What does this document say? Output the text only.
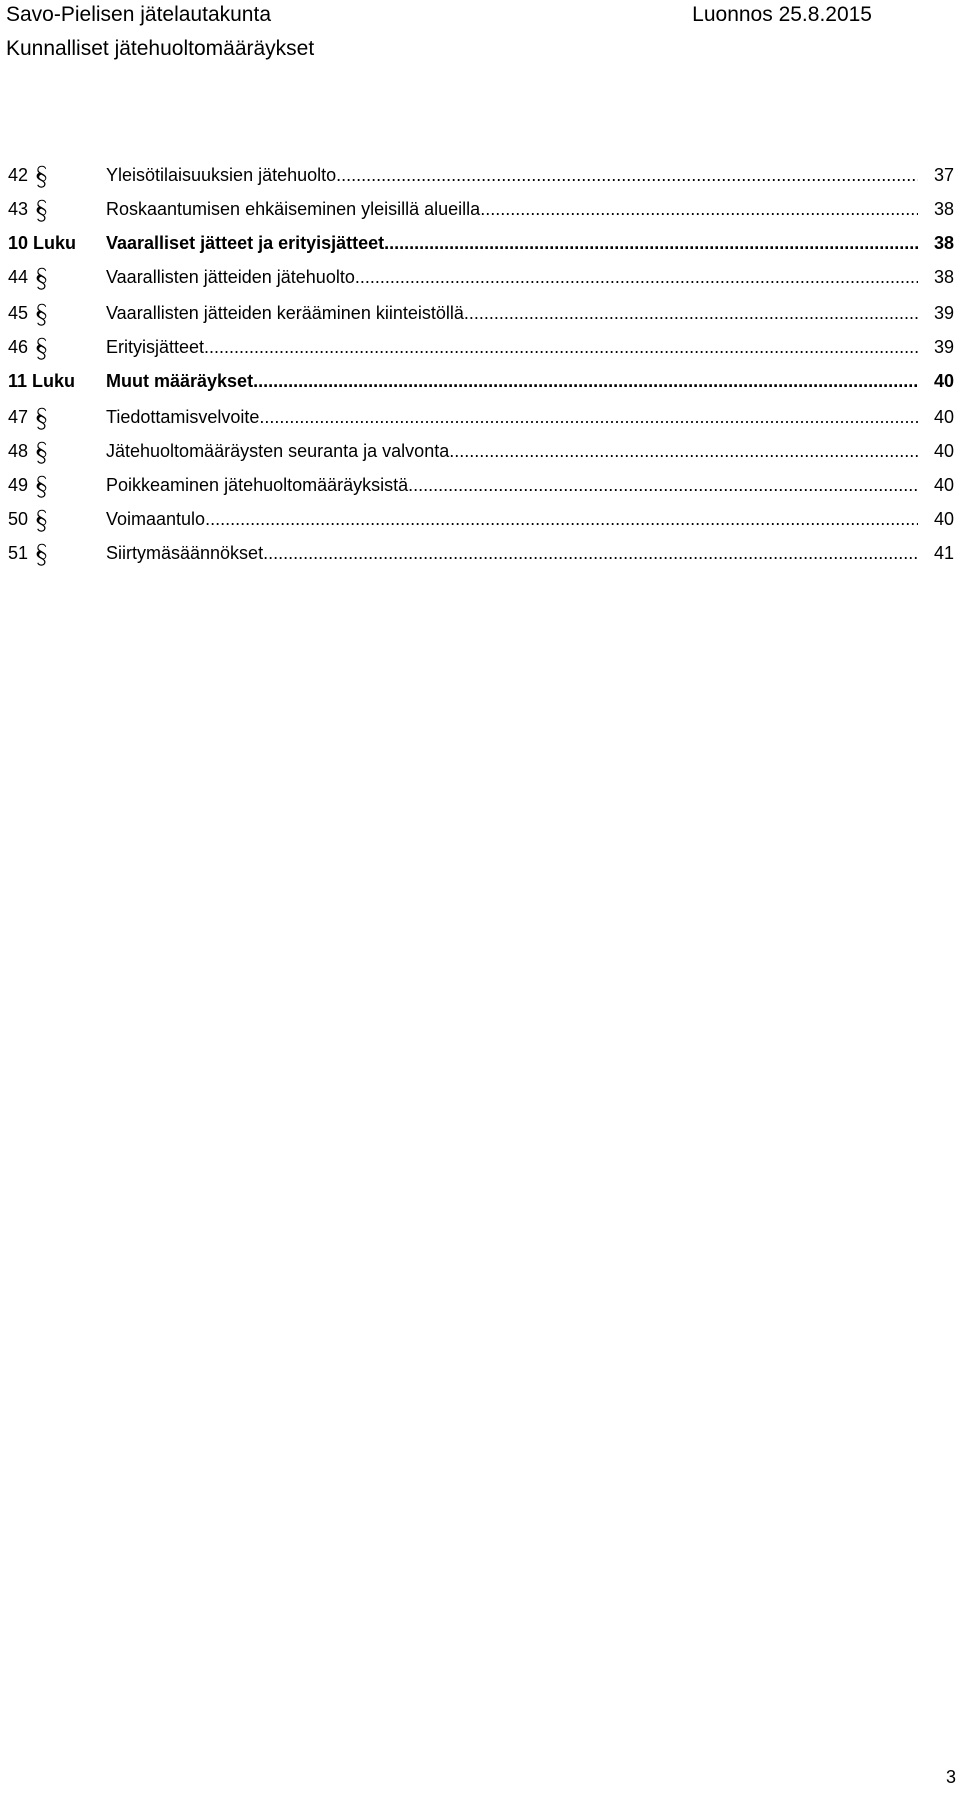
Savo-Pielisen jätelautakunta
Kunnalliset jätehuoltomääräykset
Luonnos 25.8.2015
42	Yleisötilaisuuksien jätehuolto .....	37
43	Roskaantumisen ehkäiseminen yleisillä alueilla .....	38
10 Luku	Vaaralliset jätteet ja erityisjätteet .....	38
44	Vaarallisten jätteiden jätehuolto .....	38
45	Vaarallisten jätteiden kerääminen kiinteistöllä .....	39
46	Erityisjätteet .....	39
11 Luku	Muut määräykset .....	40
47	Tiedottamisvelvoite .....	40
48	Jätehuoltomääräysten seuranta ja valvonta .....	40
49	Poikkeaminen jätehuoltomääräyksistä .....	40
50	Voimaantulo .....	40
51	Siirtymäsäännökset .....	41
3
